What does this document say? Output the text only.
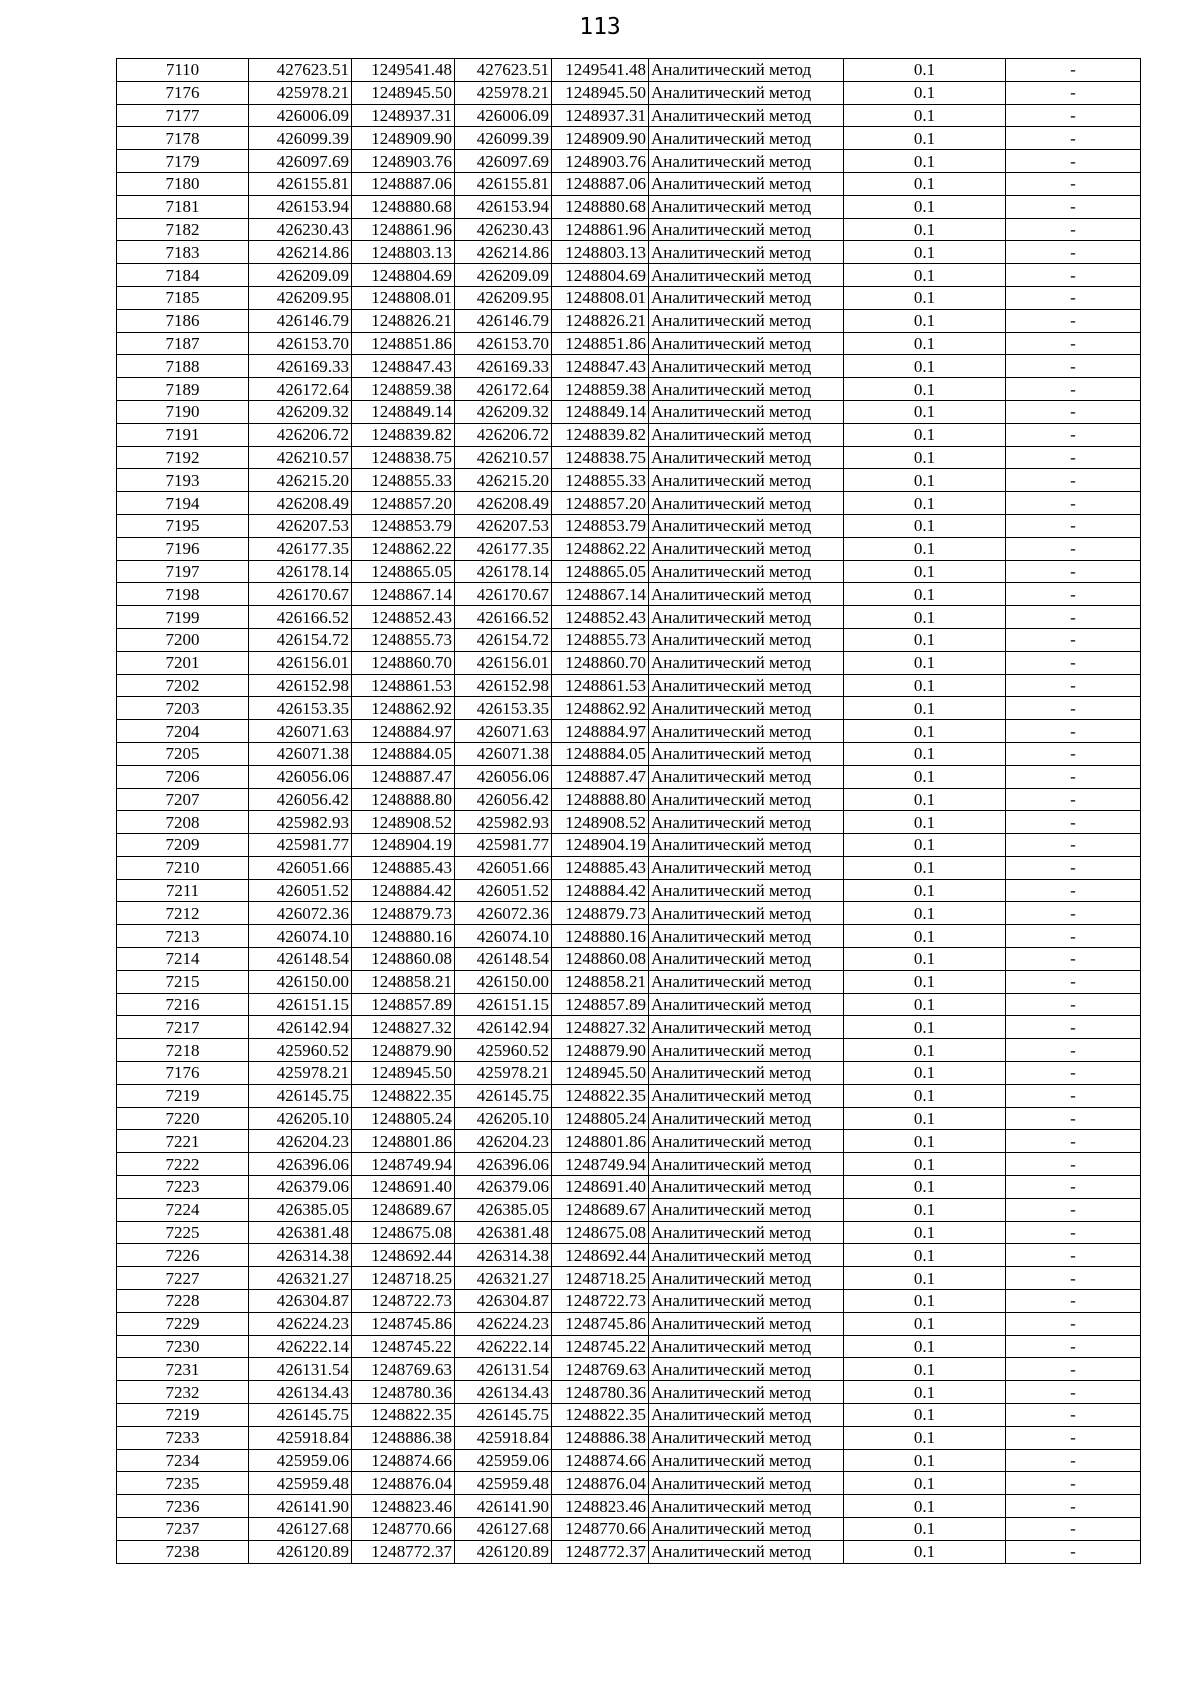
113
7110	427623.51	1249541.48	427623.51	1249541.48	Аналитический метод	0.1	-
7176	425978.21	1248945.50	425978.21	1248945.50	Аналитический метод	0.1	-
7177	426006.09	1248937.31	426006.09	1248937.31	Аналитический метод	0.1	-
7178	426099.39	1248909.90	426099.39	1248909.90	Аналитический метод	0.1	-
7179	426097.69	1248903.76	426097.69	1248903.76	Аналитический метод	0.1	-
7180	426155.81	1248887.06	426155.81	1248887.06	Аналитический метод	0.1	-
7181	426153.94	1248880.68	426153.94	1248880.68	Аналитический метод	0.1	-
7182	426230.43	1248861.96	426230.43	1248861.96	Аналитический метод	0.1	-
7183	426214.86	1248803.13	426214.86	1248803.13	Аналитический метод	0.1	-
7184	426209.09	1248804.69	426209.09	1248804.69	Аналитический метод	0.1	-
7185	426209.95	1248808.01	426209.95	1248808.01	Аналитический метод	0.1	-
7186	426146.79	1248826.21	426146.79	1248826.21	Аналитический метод	0.1	-
7187	426153.70	1248851.86	426153.70	1248851.86	Аналитический метод	0.1	-
7188	426169.33	1248847.43	426169.33	1248847.43	Аналитический метод	0.1	-
7189	426172.64	1248859.38	426172.64	1248859.38	Аналитический метод	0.1	-
7190	426209.32	1248849.14	426209.32	1248849.14	Аналитический метод	0.1	-
7191	426206.72	1248839.82	426206.72	1248839.82	Аналитический метод	0.1	-
7192	426210.57	1248838.75	426210.57	1248838.75	Аналитический метод	0.1	-
7193	426215.20	1248855.33	426215.20	1248855.33	Аналитический метод	0.1	-
7194	426208.49	1248857.20	426208.49	1248857.20	Аналитический метод	0.1	-
7195	426207.53	1248853.79	426207.53	1248853.79	Аналитический метод	0.1	-
7196	426177.35	1248862.22	426177.35	1248862.22	Аналитический метод	0.1	-
7197	426178.14	1248865.05	426178.14	1248865.05	Аналитический метод	0.1	-
7198	426170.67	1248867.14	426170.67	1248867.14	Аналитический метод	0.1	-
7199	426166.52	1248852.43	426166.52	1248852.43	Аналитический метод	0.1	-
7200	426154.72	1248855.73	426154.72	1248855.73	Аналитический метод	0.1	-
7201	426156.01	1248860.70	426156.01	1248860.70	Аналитический метод	0.1	-
7202	426152.98	1248861.53	426152.98	1248861.53	Аналитический метод	0.1	-
7203	426153.35	1248862.92	426153.35	1248862.92	Аналитический метод	0.1	-
7204	426071.63	1248884.97	426071.63	1248884.97	Аналитический метод	0.1	-
7205	426071.38	1248884.05	426071.38	1248884.05	Аналитический метод	0.1	-
7206	426056.06	1248887.47	426056.06	1248887.47	Аналитический метод	0.1	-
7207	426056.42	1248888.80	426056.42	1248888.80	Аналитический метод	0.1	-
7208	425982.93	1248908.52	425982.93	1248908.52	Аналитический метод	0.1	-
7209	425981.77	1248904.19	425981.77	1248904.19	Аналитический метод	0.1	-
7210	426051.66	1248885.43	426051.66	1248885.43	Аналитический метод	0.1	-
7211	426051.52	1248884.42	426051.52	1248884.42	Аналитический метод	0.1	-
7212	426072.36	1248879.73	426072.36	1248879.73	Аналитический метод	0.1	-
7213	426074.10	1248880.16	426074.10	1248880.16	Аналитический метод	0.1	-
7214	426148.54	1248860.08	426148.54	1248860.08	Аналитический метод	0.1	-
7215	426150.00	1248858.21	426150.00	1248858.21	Аналитический метод	0.1	-
7216	426151.15	1248857.89	426151.15	1248857.89	Аналитический метод	0.1	-
7217	426142.94	1248827.32	426142.94	1248827.32	Аналитический метод	0.1	-
7218	425960.52	1248879.90	425960.52	1248879.90	Аналитический метод	0.1	-
7176	425978.21	1248945.50	425978.21	1248945.50	Аналитический метод	0.1	-
7219	426145.75	1248822.35	426145.75	1248822.35	Аналитический метод	0.1	-
7220	426205.10	1248805.24	426205.10	1248805.24	Аналитический метод	0.1	-
7221	426204.23	1248801.86	426204.23	1248801.86	Аналитический метод	0.1	-
7222	426396.06	1248749.94	426396.06	1248749.94	Аналитический метод	0.1	-
7223	426379.06	1248691.40	426379.06	1248691.40	Аналитический метод	0.1	-
7224	426385.05	1248689.67	426385.05	1248689.67	Аналитический метод	0.1	-
7225	426381.48	1248675.08	426381.48	1248675.08	Аналитический метод	0.1	-
7226	426314.38	1248692.44	426314.38	1248692.44	Аналитический метод	0.1	-
7227	426321.27	1248718.25	426321.27	1248718.25	Аналитический метод	0.1	-
7228	426304.87	1248722.73	426304.87	1248722.73	Аналитический метод	0.1	-
7229	426224.23	1248745.86	426224.23	1248745.86	Аналитический метод	0.1	-
7230	426222.14	1248745.22	426222.14	1248745.22	Аналитический метод	0.1	-
7231	426131.54	1248769.63	426131.54	1248769.63	Аналитический метод	0.1	-
7232	426134.43	1248780.36	426134.43	1248780.36	Аналитический метод	0.1	-
7219	426145.75	1248822.35	426145.75	1248822.35	Аналитический метод	0.1	-
7233	425918.84	1248886.38	425918.84	1248886.38	Аналитический метод	0.1	-
7234	425959.06	1248874.66	425959.06	1248874.66	Аналитический метод	0.1	-
7235	425959.48	1248876.04	425959.48	1248876.04	Аналитический метод	0.1	-
7236	426141.90	1248823.46	426141.90	1248823.46	Аналитический метод	0.1	-
7237	426127.68	1248770.66	426127.68	1248770.66	Аналитический метод	0.1	-
7238	426120.89	1248772.37	426120.89	1248772.37	Аналитический метод	0.1	-
